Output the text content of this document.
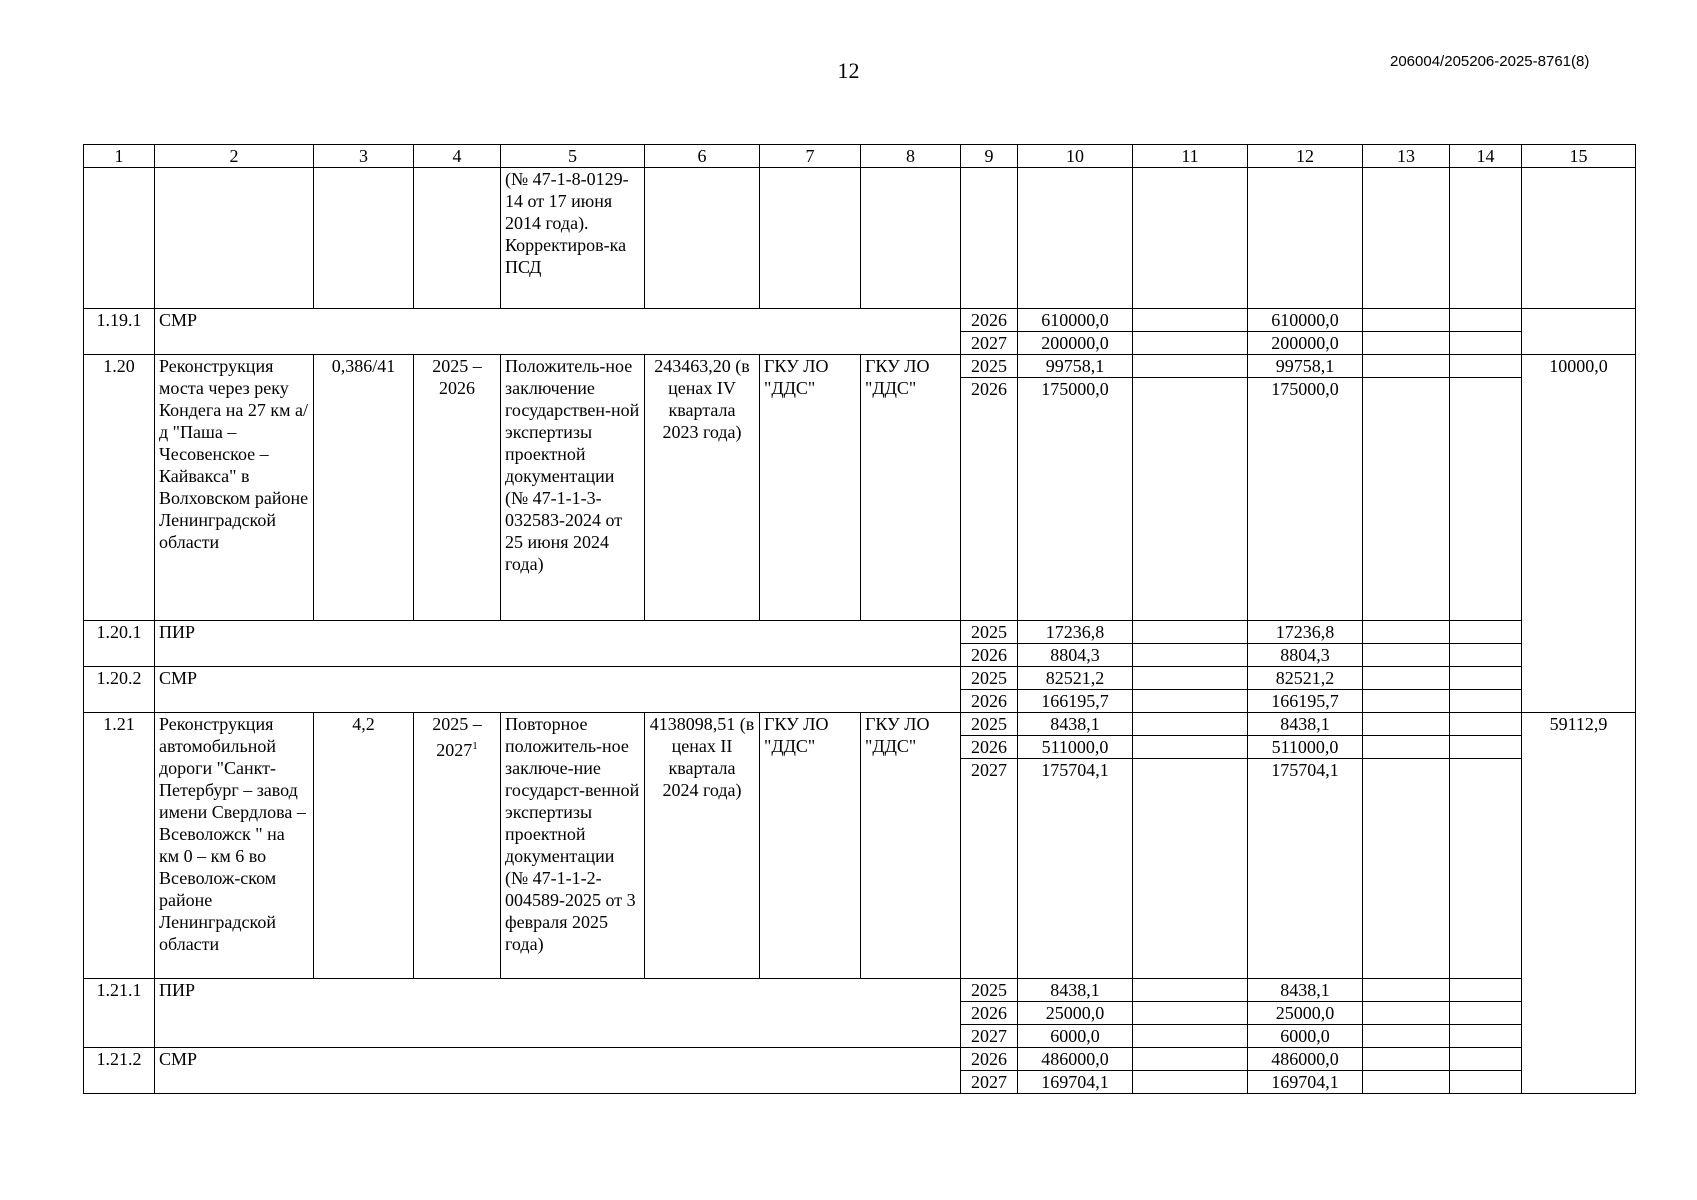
12	206004/205206-2025-8761(8)
1	2	3	4	5	6	7	8	9	10	11	12	13	14	15
				(№ 47-1-8-0129-14 от 17 июня 2014 года). Корректиров-ка ПСД										
1.19.1	СМР							2026	610000,0		610000,0			
								2027	200000,0		200000,0			
1.20	Реконструкция моста через реку Кондега на 27 км а/д "Паша – Чесовенское – Кайвакса" в Волховском районе Ленинградской области	0,386/41	2025 – 2026	Положитель-ное заключение государствен-ной экспертизы проектной документации (№ 47-1-1-3-032583-2024 от 25 июня 2024 года)	243463,20 (в ценах IV квартала 2023 года)	ГКУ ЛО "ДДС"	ГКУ ЛО "ДДС"	2025	99758,1		99758,1			10000,0
								2026	175000,0		175000,0			
1.20.1	ПИР							2025	17236,8		17236,8			
								2026	8804,3		8804,3			
1.20.2	СМР							2025	82521,2		82521,2			
								2026	166195,7		166195,7			
1.21	Реконструкция автомобильной дороги "Санкт-Петербург – завод имени Свердлова – Всеволожск " на км 0 – км 6 во Всеволож-ском районе Ленинградской области	4,2	2025 – 2027$^1$	Повторное положитель-ное заключе-ние государст-венной экспертизы проектной документации (№ 47-1-1-2-004589-2025 от 3 февраля 2025 года)	4138098,51 (в ценах II квартала 2024 года)	ГКУ ЛО "ДДС"	ГКУ ЛО "ДДС"	2025	8438,1		8438,1			59112,9
								2026	511000,0		511000,0			
								2027	175704,1		175704,1			
1.21.1	ПИР							2025	8438,1		8438,1			
								2026	25000,0		25000,0			
								2027	6000,0		6000,0			
1.21.2	СМР							2026	486000,0		486000,0			
								2027	169704,1		169704,1			
